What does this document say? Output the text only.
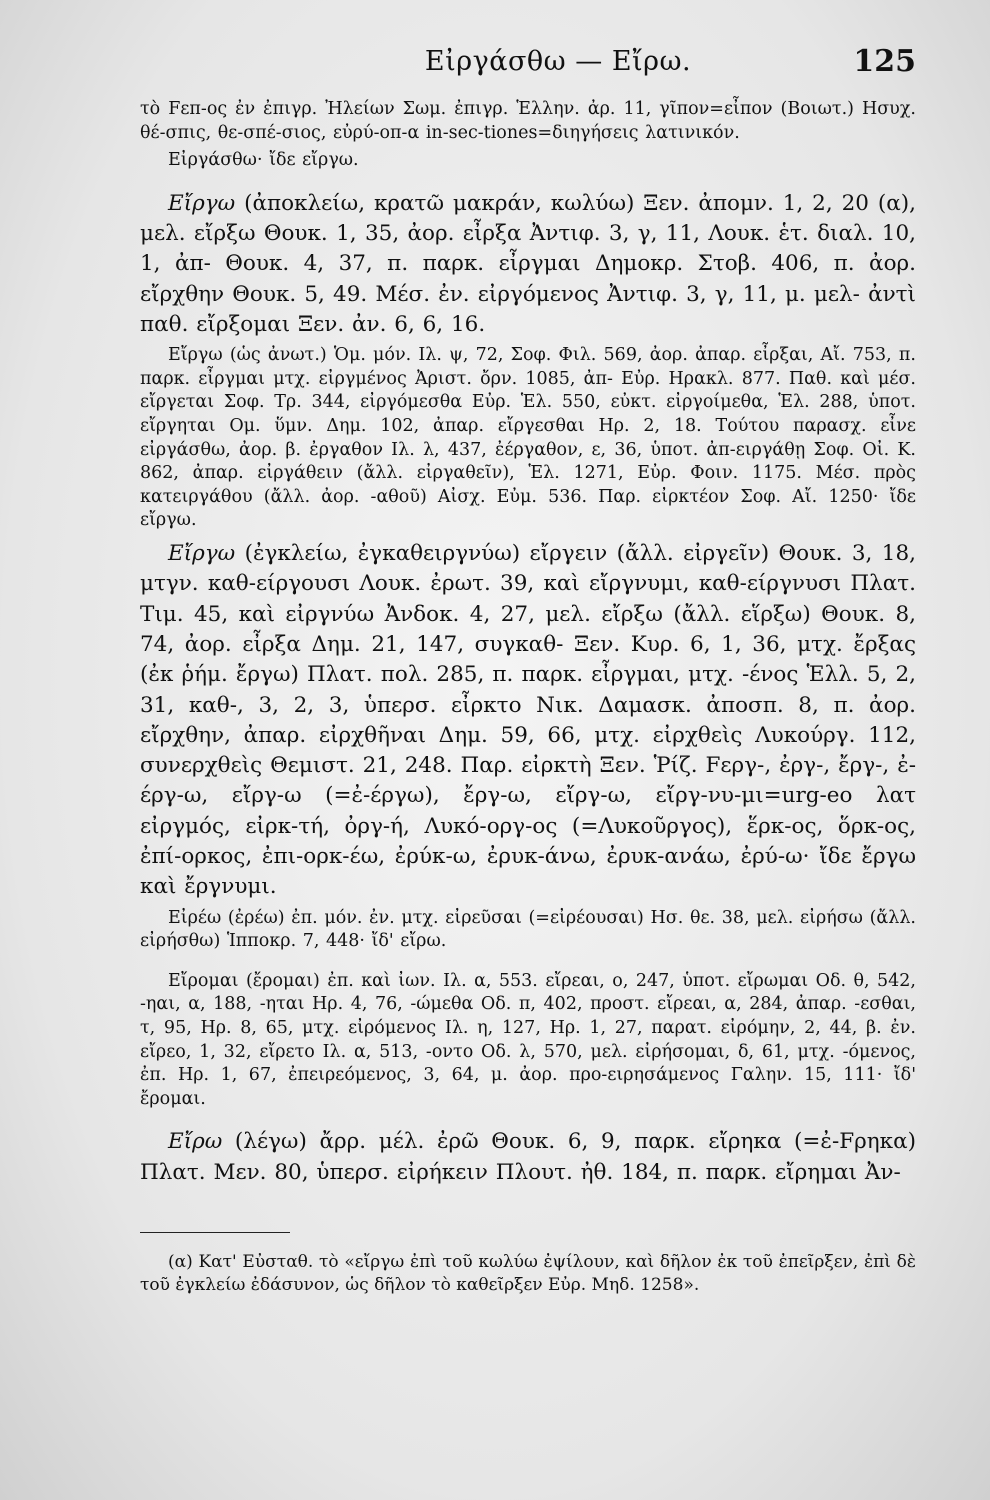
Εἰργάσθω — Εἴρω.	125

τὸ Fεπ-ος ἐν ἐπιγρ. Ἠλείων Σωμ. ἐπιγρ. Ἑλλην. ἀρ. 11, γῖπον=εἶπον (Βοιωτ.) Ησυχ. θέ-σπις, θε-σπέ-σιος, εὐρύ-οπ-α in-sec-tiones=διηγήσεις λατινικόν.

Εἰργάσθω· ἴδε εἴργω.

Εἴργω (ἀποκλείω, κρατῶ μακράν, κωλύω) Ξεν. ἀπομν. 1, 2, 20 (α), μελ. εἴρξω Θουκ. 1, 35, ἀορ. εἶρξα Ἀντιφ. 3, γ, 11, Λουκ. ἑτ. διαλ. 10, 1, ἀπ- Θουκ. 4, 37, π. παρκ. εἶργμαι Δημοκρ. Στοβ. 406, π. ἀορ. εἴρχθην Θουκ. 5, 49. Μέσ. ἐν. εἰργόμενος Ἀντιφ. 3, γ, 11, μ. μελ- ἀντὶ παθ. εἴρξομαι Ξεν. ἀν. 6, 6, 16.

Εἴργω (ὡς ἀνωτ.) Ὁμ. μόν. Ιλ. ψ, 72, Σοφ. Φιλ. 569, ἀορ. ἀπαρ. εἶρξαι, Αἴ. 753, π. παρκ. εἶργμαι μτχ. εἰργμένος Ἀριστ. ὄρν. 1085, ἀπ- Εὐρ. Ηρακλ. 877. Παθ. καὶ μέσ. εἴργεται Σοφ. Τρ. 344, εἰργόμεσθα Εὐρ. Ἑλ. 550, εὐκτ. εἰργοίμεθα, Ἑλ. 288, ὑποτ. εἴργηται Ομ. ὕμν. Δημ. 102, ἀπαρ. εἴργεσθαι Ηρ. 2, 18. Τούτου παρασχ. εἶνε εἰργάσθω, ἀορ. β. ἐργαθον Ιλ. λ, 437, ἐέργαθον, ε, 36, ὑποτ. ἀπ-ειργάθῃ Σοφ. Οἰ. Κ. 862, ἀπαρ. εἰργάθειν (ἄλλ. εἰργαθεῖν), Ἑλ. 1271, Εὐρ. Φοιν. 1175. Μέσ. πρὸς κατειργάθου (ἄλλ. ἀορ. -αθοῦ) Αἰσχ. Εὐμ. 536. Παρ. εἰρκτέον Σοφ. Αἴ. 1250· ἴδε εἴργω.

Εἴργω (ἐγκλείω, ἐγκαθειργνύω) εἴργειν (ἄλλ. εἰργεῖν) Θουκ. 3, 18, μτγν. καθ-είργουσι Λουκ. ἐρωτ. 39, καὶ εἴργνυμι, καθ-είργνυσι Πλατ. Τιμ. 45, καὶ εἰργνύω Ἀνδοκ. 4, 27, μελ. εἴρξω (ἄλλ. εἵρξω) Θουκ. 8, 74, ἀορ. εἶρξα Δημ. 21, 147, συγκαθ- Ξεν. Κυρ. 6, 1, 36, μτχ. ἔρξας (ἐκ ῥήμ. ἔργω) Πλατ. πολ. 285, π. παρκ. εἶργμαι, μτχ. -ένος Ἑλλ. 5, 2, 31, καθ-, 3, 2, 3, ὑπερσ. εἶρκτο Νικ. Δαμασκ. ἀποσπ. 8, π. ἀορ. εἴρχθην, ἀπαρ. εἰρχθῆναι Δημ. 59, 66, μτχ. εἰρχθεὶς Λυκούργ. 112, συνερχθεὶς Θεμιστ. 21, 248. Παρ. εἰρκτὴ Ξεν. Ῥίζ. Fεργ-, ἐργ-, ἔργ-, ἐ-έργ-ω, εἴργ-ω (=ἐ-έργω), ἔργ-ω, εἴργ-ω, εἴργ-νυ-μι=urg-eo λατ εἰργμός, εἰρκ-τή, ὀργ-ή, Λυκό-οργ-ος (=Λυκοῦργος), ἕρκ-ος, ὅρκ-ος, ἐπί-ορκος, ἐπι-ορκ-έω, ἐρύκ-ω, ἐρυκ-άνω, ἐρυκ-ανάω, ἐρύ-ω· ἴδε ἔργω καὶ ἔργνυμι.

Εἰρέω (ἐρέω) ἐπ. μόν. ἐν. μτχ. εἰρεῦσαι (=εἰρέουσαι) Ησ. θε. 38, μελ. εἰρήσω (ἄλλ. εἰρήσθω) Ἱπποκρ. 7, 448· ἴδ' εἴρω.

Εἴρομαι (ἔρομαι) ἐπ. καὶ ἰων. Ιλ. α, 553. εἴρεαι, ο, 247, ὑποτ. εἴρωμαι Οδ. θ, 542, -ηαι, α, 188, -ηται Ηρ. 4, 76, -ώμεθα Οδ. π, 402, προστ. εἴρεαι, α, 284, ἀπαρ. -εσθαι, τ, 95, Ηρ. 8, 65, μτχ. εἰρόμενος Ιλ. η, 127, Ηρ. 1, 27, παρατ. εἰρόμην, 2, 44, β. ἐν. εἴρεο, 1, 32, εἴρετο Ιλ. α, 513, -οντο Οδ. λ, 570, μελ. εἰρήσομαι, δ, 61, μτχ. -όμενος, ἐπ. Ηρ. 1, 67, ἐπειρεόμενος, 3, 64, μ. ἀορ. προ-ειρησάμενος Γαλην. 15, 111· ἴδ' ἔρομαι.

Εἴρω (λέγω) ἄρρ. μέλ. ἐρῶ Θουκ. 6, 9, παρκ. εἴρηκα (=ἐ-Fρηκα) Πλατ. Μεν. 80, ὑπερσ. εἰρήκειν Πλουτ. ἠθ. 184, π. παρκ. εἴρημαι Ἀν-

(α) Κατ' Εὐσταθ. τὸ «εἴργω ἐπὶ τοῦ κωλύω ἐψίλουν, καὶ δῆλον ἐκ τοῦ ἐπεῖρξεν, ἐπὶ δὲ τοῦ ἐγκλείω ἐδάσυνον, ὡς δῆλον τὸ καθεῖρξεν Εὐρ. Μηδ. 1258».
